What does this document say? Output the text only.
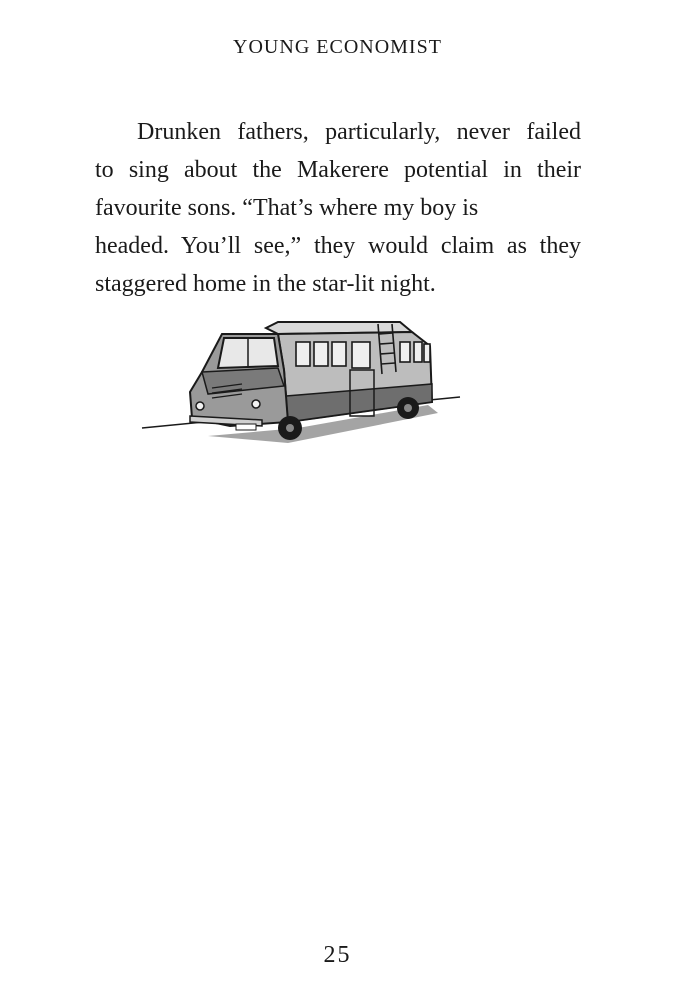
YOUNG ECONOMIST

Drunken fathers, particularly, never failed
to sing about the Makerere potential in their
favourite sons. “That’s where my boy is
headed. You’ll see,” they would claim as they
staggered home in the star-lit night.

25
